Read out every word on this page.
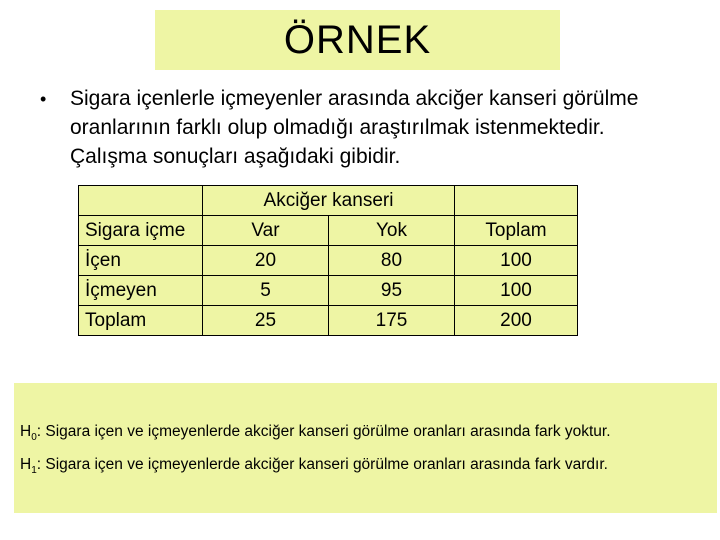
ÖRNEK
•	Sigara içenlerle içmeyenler arasında akciğer kanseri görülme oranlarının farklı olup olmadığı araştırılmak istenmektedir. Çalışma sonuçları aşağıdaki gibidir.
	Akciğer kanseri		
Sigara içme	Var	Yok	Toplam
İçen	20	80	100
İçmeyen	5	95	100
Toplam	25	175	200
$H_0$: Sigara içen ve içmeyenlerde akciğer kanseri görülme oranları arasında fark yoktur.
$H_1$: Sigara içen ve içmeyenlerde akciğer kanseri görülme oranları arasında fark vardır.
